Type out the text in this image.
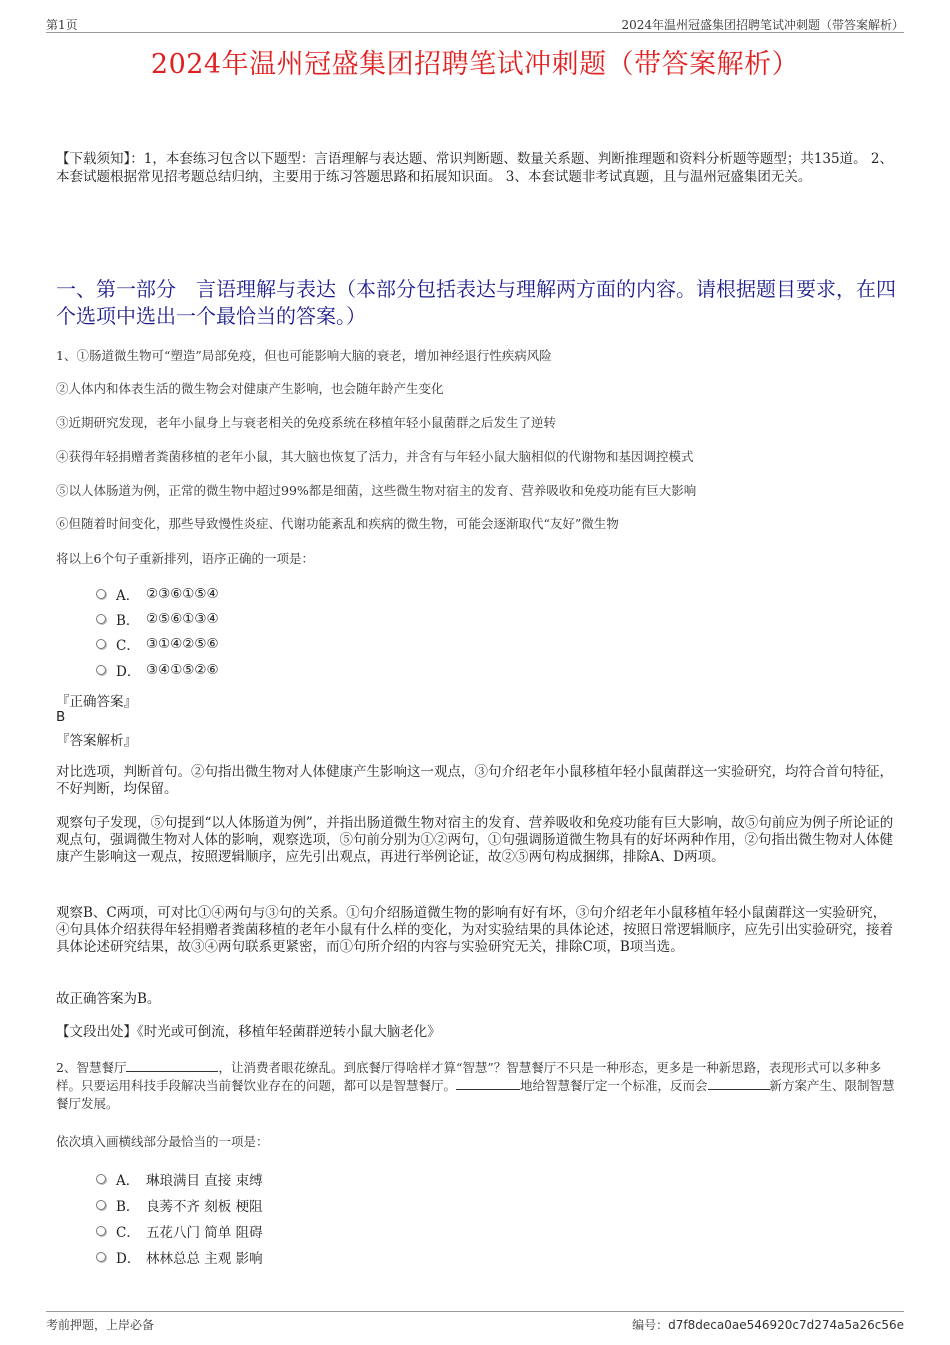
第1页	2024年温州冠盛集团招聘笔试冲刺题（带答案解析）
2024年温州冠盛集团招聘笔试冲刺题（带答案解析）
【下载须知】：1，本套练习包含以下题型：言语理解与表达题、常识判断题、数量关系题、判断推理题和资料分析题等题型；共135道。 2、本套试题根据常见招考题总结归纳，主要用于练习答题思路和拓展知识面。 3、本套试题非考试真题，且与温州冠盛集团无关。
一、第一部分　言语理解与表达（本部分包括表达与理解两方面的内容。请根据题目要求，在四个选项中选出一个最恰当的答案。）
1、①肠道微生物可“塑造”局部免疫，但也可能影响大脑的衰老，增加神经退行性疾病风险
②人体内和体表生活的微生物会对健康产生影响，也会随年龄产生变化
③近期研究发现，老年小鼠身上与衰老相关的免疫系统在移植年轻小鼠菌群之后发生了逆转
④获得年轻捐赠者粪菌移植的老年小鼠，其大脑也恢复了活力，并含有与年轻小鼠大脑相似的代谢物和基因调控模式
⑤以人体肠道为例，正常的微生物中超过99%都是细菌，这些微生物对宿主的发育、营养吸收和免疫功能有巨大影响
⑥但随着时间变化，那些导致慢性炎症、代谢功能紊乱和疾病的微生物，可能会逐渐取代“友好”微生物
将以上6个句子重新排列，语序正确的一项是：
A． ②③⑥①⑤④
B． ②⑤⑥①③④
C． ③①④②⑤⑥
D． ③④①⑤②⑥
『正确答案』
B
『答案解析』
对比选项，判断首句。②句指出微生物对人体健康产生影响这一观点，③句介绍老年小鼠移植年轻小鼠菌群这一实验研究，均符合首句特征，不好判断，均保留。
观察句子发现，⑤句提到“以人体肠道为例”，并指出肠道微生物对宿主的发育、营养吸收和免疫功能有巨大影响，故⑤句前应为例子所论证的观点句，强调微生物对人体的影响，观察选项，⑤句前分别为①②两句，①句强调肠道微生物具有的好坏两种作用，②句指出微生物对人体健康产生影响这一观点，按照逻辑顺序，应先引出观点，再进行举例论证，故②⑤两句构成捆绑，排除A、D两项。
观察B、C两项，可对比①④两句与③句的关系。①句介绍肠道微生物的影响有好有坏，③句介绍老年小鼠移植年轻小鼠菌群这一实验研究，④句具体介绍获得年轻捐赠者粪菌移植的老年小鼠有什么样的变化，为对实验结果的具体论述，按照日常逻辑顺序，应先引出实验研究，接着具体论述研究结果，故③④两句联系更紧密，而①句所介绍的内容与实验研究无关，排除C项，B项当选。
故正确答案为B。
【文段出处】《时光或可倒流，移植年轻菌群逆转小鼠大脑老化》
2、智慧餐厅	，让消费者眼花缭乱。到底餐厅得啥样才算“智慧”？智慧餐厅不只是一种形态，更多是一种新思路，表现形式可以多种多样。只要运用科技手段解决当前餐饮业存在的问题，都可以是智慧餐厅。	地给智慧餐厅定一个标准，反而会	新方案产生、限制智慧餐厅发展。
依次填入画横线部分最恰当的一项是：
A． 琳琅满目 直接 束缚
B． 良莠不齐 刻板 梗阻
C． 五花八门 简单 阻碍
D． 林林总总 主观 影响
考前押题，上岸必备	编号：d7f8deca0ae546920c7d274a5a26c56e
